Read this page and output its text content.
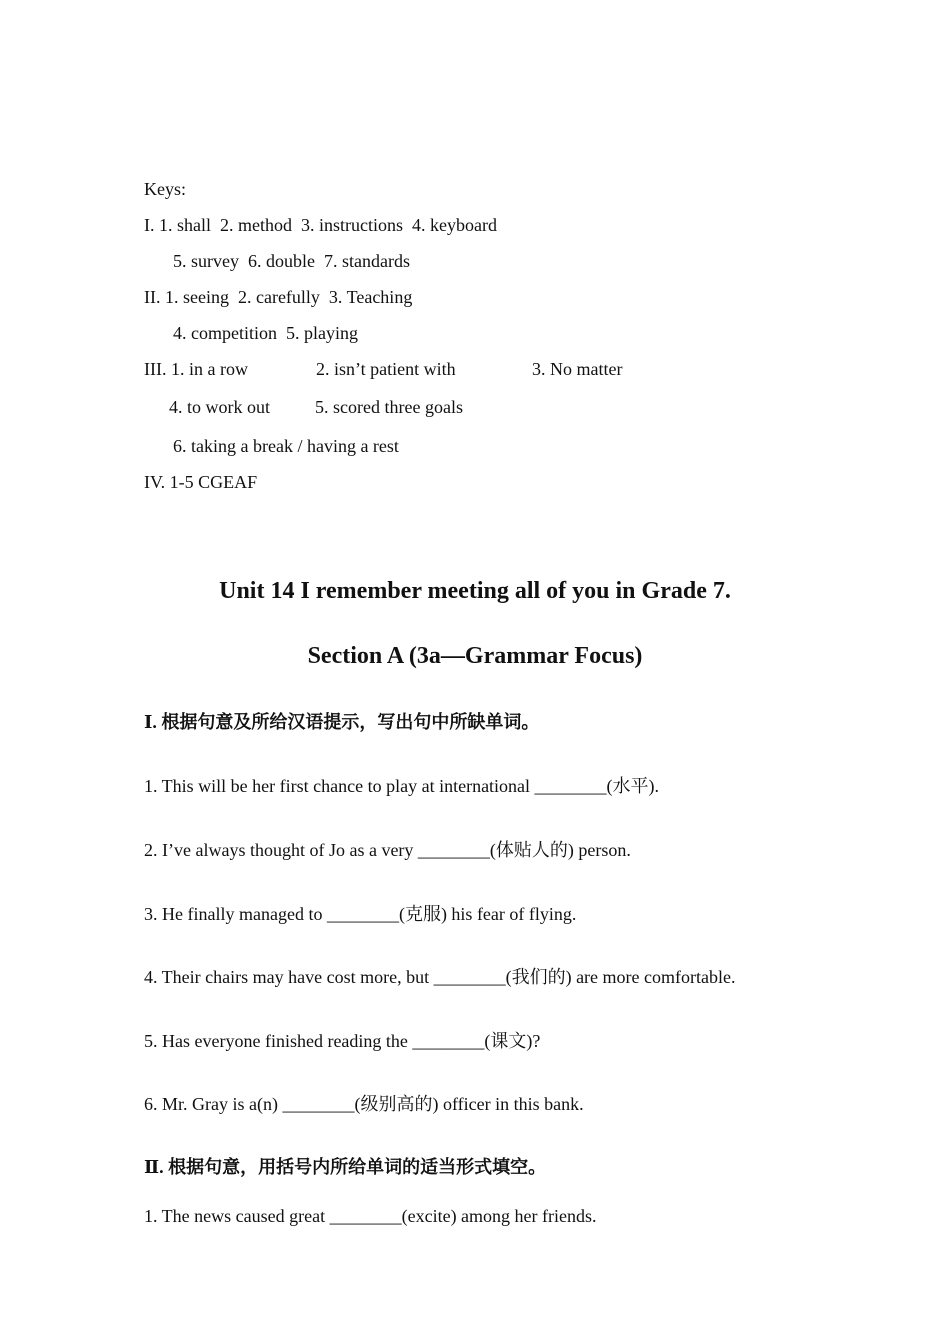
Keys:
I. 1. shall  2. method  3. instructions  4. keyboard
5. survey  6. double  7. standards
II. 1. seeing  2. carefully  3. Teaching
4. competition  5. playing
III. 1. in a row	2. isn’t patient with	3. No matter
4. to work out	5. scored three goals
6. taking a break / having a rest
IV. 1-5 CGEAF
Unit 14 I remember meeting all of you in Grade 7.
Section A (3a—Grammar Focus)
Ⅰ. 根据句意及所给汉语提示，写出句中所缺单词。
1. This will be her first chance to play at international ________(水平).
2. I’ve always thought of Jo as a very ________(体贴人的) person.
3. He finally managed to ________(克服) his fear of flying.
4. Their chairs may have cost more, but ________(我们的) are more comfortable.
5. Has everyone finished reading the ________(课文)?
6. Mr. Gray is a(n) ________(级别高的) officer in this bank.
Ⅱ. 根据句意，用括号内所给单词的适当形式填空。
1. The news caused great ________(excite) among her friends.
